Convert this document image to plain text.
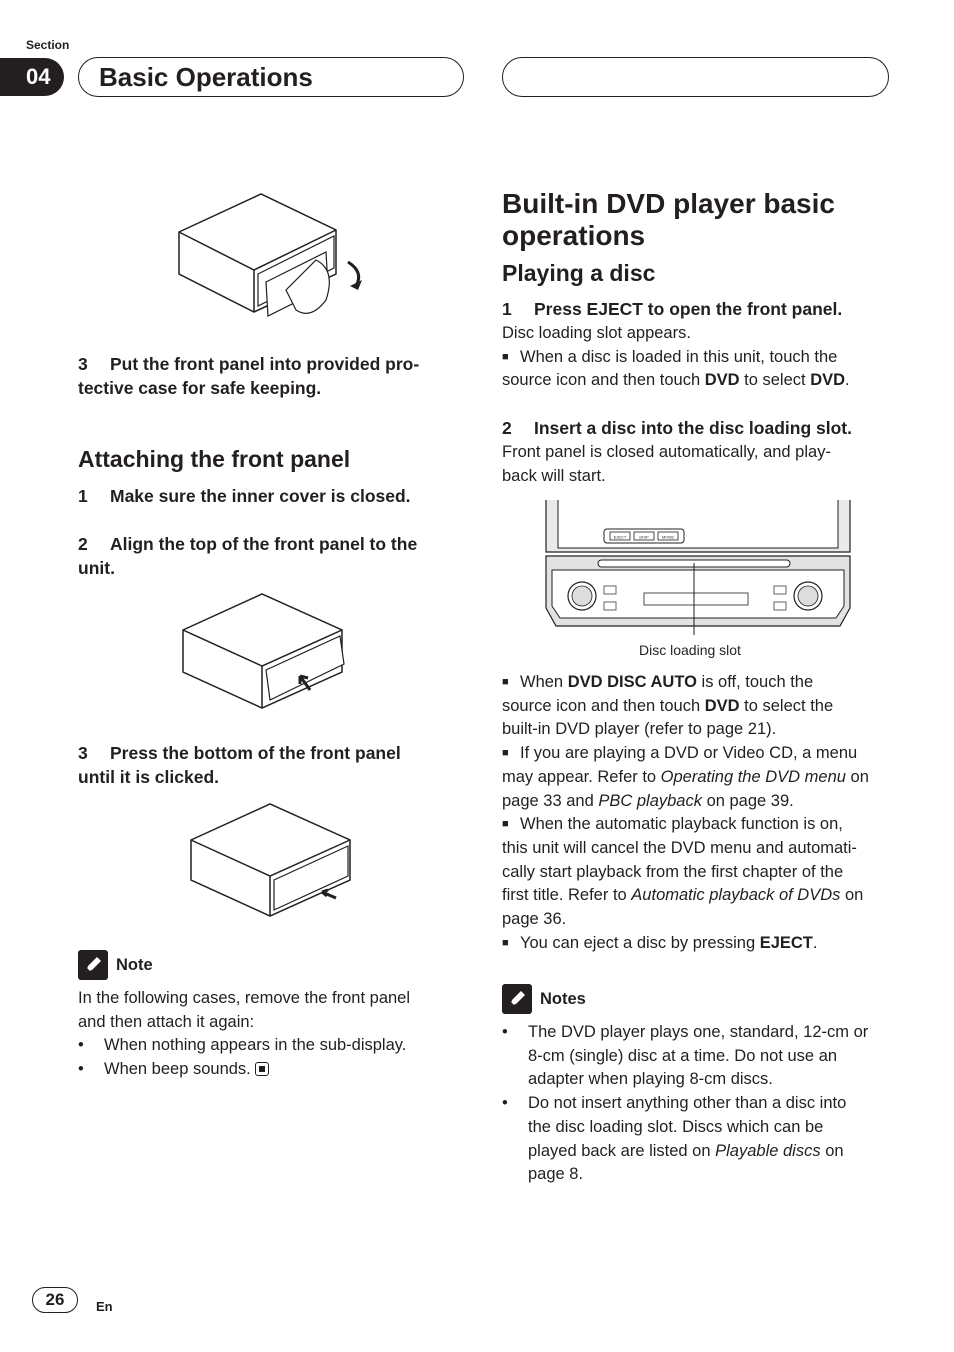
Section
04	Basic Operations
3 Put the front panel into provided pro-
tective case for safe keeping.
Attaching the front panel
1 Make sure the inner cover is closed.
2 Align the top of the front panel to the
unit.
3 Press the bottom of the front panel
until it is clicked.
Note
In the following cases, remove the front panel
and then attach it again:
•	When nothing appears in the sub-display.
•	When beep sounds.
Built-in DVD player basic
operations
Playing a disc
1 Press EJECT to open the front panel.
Disc loading slot appears.
■ When a disc is loaded in this unit, touch the
source icon and then touch DVD to select DVD.
2 Insert a disc into the disc loading slot.
Front panel is closed automatically, and play-
back will start.
EJECT	DISP	MODE
Disc loading slot
■ When DVD DISC AUTO is off, touch the
source icon and then touch DVD to select the
built-in DVD player (refer to page 21).
■ If you are playing a DVD or Video CD, a menu
may appear. Refer to Operating the DVD menu on
page 33 and PBC playback on page 39.
■ When the automatic playback function is on,
this unit will cancel the DVD menu and automati-
cally start playback from the first chapter of the
first title. Refer to Automatic playback of DVDs on
page 36.
■ You can eject a disc by pressing EJECT.
Notes
•	The DVD player plays one, standard, 12-cm or
8-cm (single) disc at a time. Do not use an
adapter when playing 8-cm discs.
•	Do not insert anything other than a disc into
the disc loading slot. Discs which can be
played back are listed on Playable discs on
page 8.
26	En
